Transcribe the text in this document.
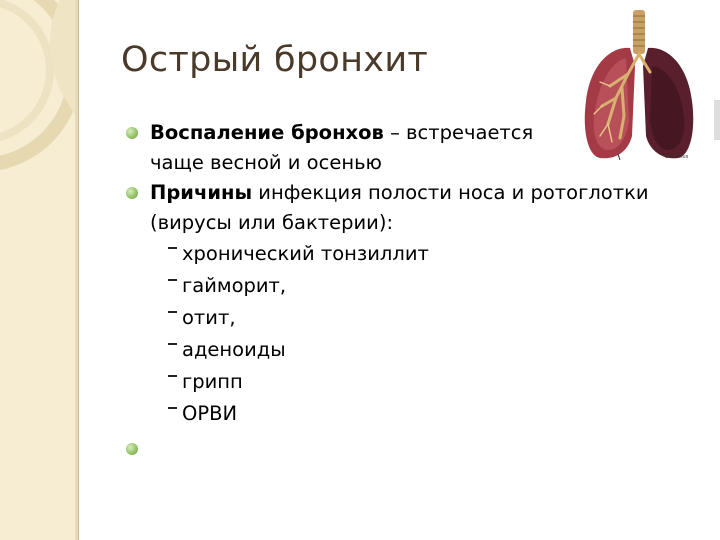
Острый бронхит
Bronchus
Воспаление бронхов – встречается
чаще весной и осенью
Причины инфекция полости носа и ротоглотки
(вирусы или бактерии):
хронический тонзиллит
гайморит,
отит,
аденоиды
грипп
ОРВИ
